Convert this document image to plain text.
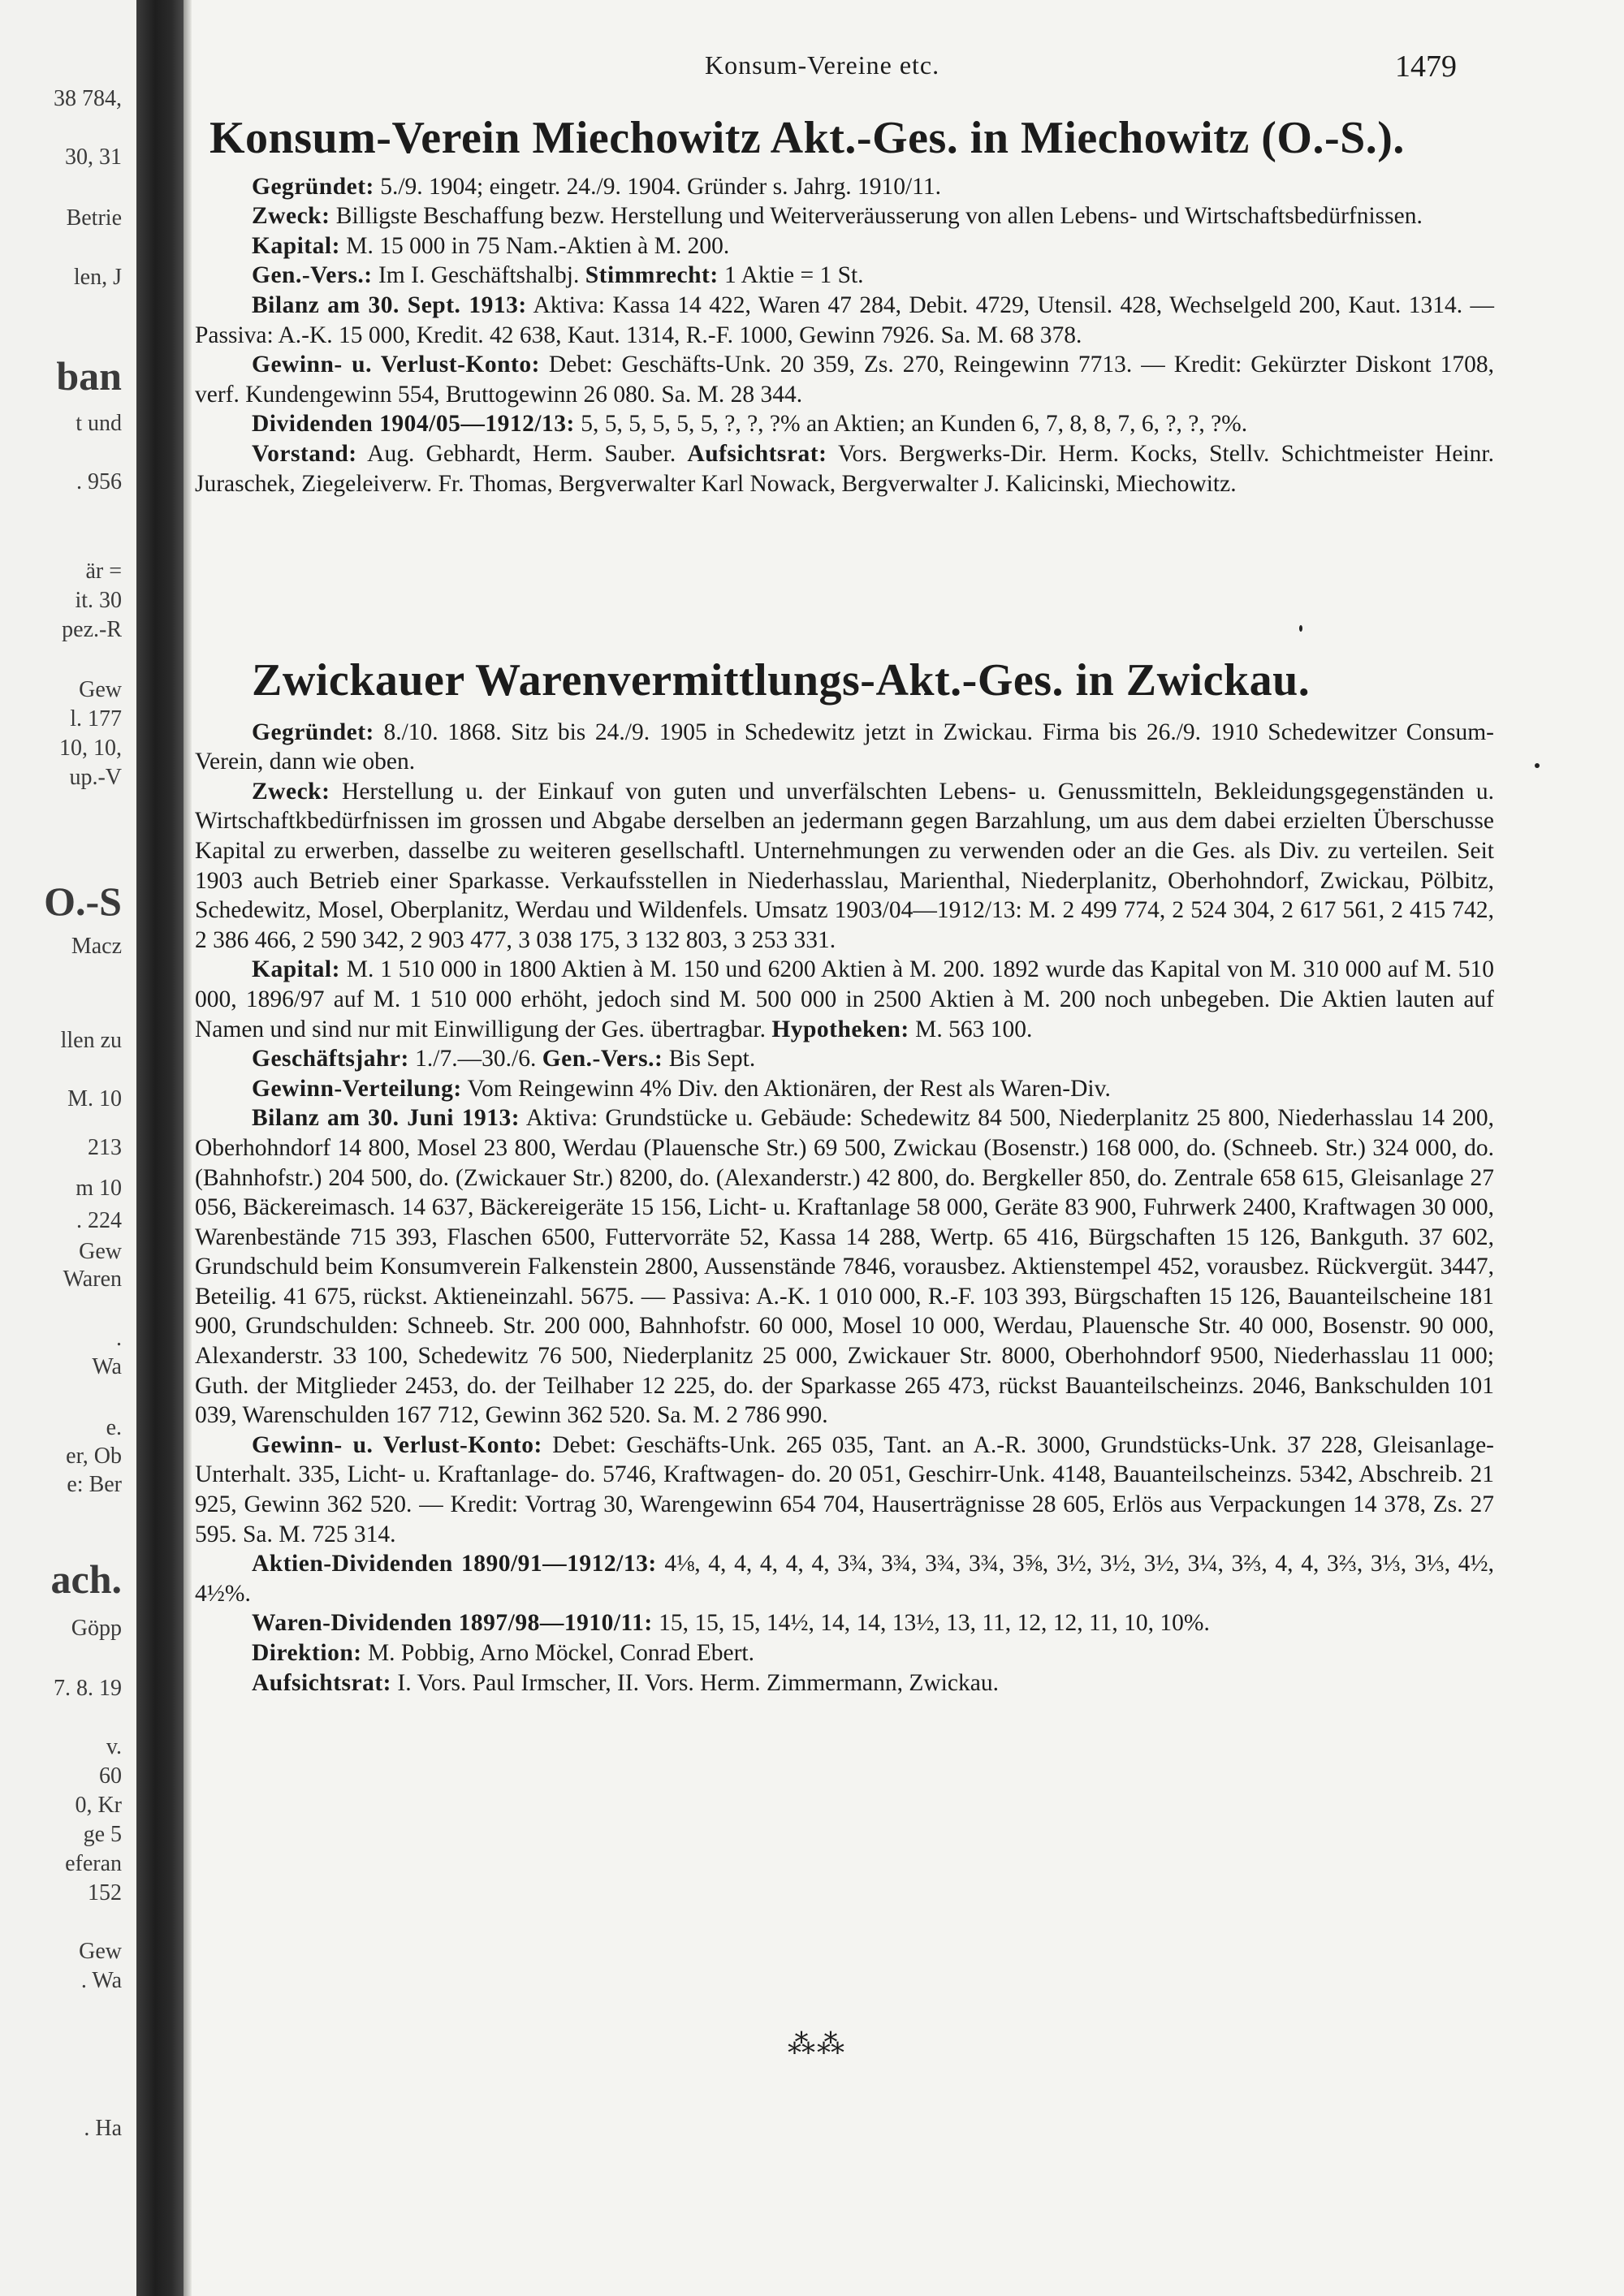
38 784,
30, 31
Betrie
len, J
ban
t und
. 956
är =
it. 30
pez.-R
Gew
l. 177
10, 10,
up.-V
O.-S
Macz
llen zu
M. 10
213
m 10
. 224
Gew
Waren
.
Wa
e.
er, Ob
e: Ber
ach.
Göpp
7. 8. 19
v.
60
0, Kr
ge 5
eferan
152
Gew
. Wa
. Ha
Konsum-Vereine etc.	1479
Konsum-Verein Miechowitz Akt.-Ges. in Miechowitz (O.-S.).

Gegründet: 5./9. 1904; eingetr. 24./9. 1904. Gründer s. Jahrg. 1910/11.

Zweck: Billigste Beschaffung bezw. Herstellung und Weiterveräusserung von allen Lebens- und Wirtschaftsbedürfnissen.

Kapital: M. 15 000 in 75 Nam.-Aktien à M. 200.

Gen.-Vers.: Im I. Geschäftshalbj. Stimmrecht: 1 Aktie = 1 St.

Bilanz am 30. Sept. 1913: Aktiva: Kassa 14 422, Waren 47 284, Debit. 4729, Utensil. 428, Wechselgeld 200, Kaut. 1314. — Passiva: A.-K. 15 000, Kredit. 42 638, Kaut. 1314, R.-F. 1000, Gewinn 7926. Sa. M. 68 378.

Gewinn- u. Verlust-Konto: Debet: Geschäfts-Unk. 20 359, Zs. 270, Reingewinn 7713. — Kredit: Gekürzter Diskont 1708, verf. Kundengewinn 554, Bruttogewinn 26 080. Sa. M. 28 344.

Dividenden 1904/05—1912/13: 5, 5, 5, 5, 5, 5, ?, ?, ?% an Aktien; an Kunden 6, 7, 8, 8, 7, 6, ?, ?, ?%.

Vorstand: Aug. Gebhardt, Herm. Sauber. Aufsichtsrat: Vors. Bergwerks-Dir. Herm. Kocks, Stellv. Schichtmeister Heinr. Juraschek, Ziegeleiverw. Fr. Thomas, Bergverwalter Karl Nowack, Bergverwalter J. Kalicinski, Miechowitz.

Zwickauer Warenvermittlungs-Akt.-Ges. in Zwickau.

Gegründet: 8./10. 1868. Sitz bis 24./9. 1905 in Schedewitz jetzt in Zwickau. Firma bis 26./9. 1910 Schedewitzer Consum-Verein, dann wie oben.

Zweck: Herstellung u. der Einkauf von guten und unverfälschten Lebens- u. Genussmitteln, Bekleidungsgegenständen u. Wirtschaftkbedürfnissen im grossen und Abgabe derselben an jedermann gegen Barzahlung, um aus dem dabei erzielten Überschusse Kapital zu erwerben, dasselbe zu weiteren gesellschaftl. Unternehmungen zu verwenden oder an die Ges. als Div. zu verteilen. Seit 1903 auch Betrieb einer Sparkasse. Verkaufsstellen in Niederhasslau, Marienthal, Niederplanitz, Oberhohndorf, Zwickau, Pölbitz, Schedewitz, Mosel, Oberplanitz, Werdau und Wildenfels. Umsatz 1903/04—1912/13: M. 2 499 774, 2 524 304, 2 617 561, 2 415 742, 2 386 466, 2 590 342, 2 903 477, 3 038 175, 3 132 803, 3 253 331.

Kapital: M. 1 510 000 in 1800 Aktien à M. 150 und 6200 Aktien à M. 200. 1892 wurde das Kapital von M. 310 000 auf M. 510 000, 1896/97 auf M. 1 510 000 erhöht, jedoch sind M. 500 000 in 2500 Aktien à M. 200 noch unbegeben. Die Aktien lauten auf Namen und sind nur mit Einwilligung der Ges. übertragbar. Hypotheken: M. 563 100.

Geschäftsjahr: 1./7.—30./6. Gen.-Vers.: Bis Sept.

Gewinn-Verteilung: Vom Reingewinn 4% Div. den Aktionären, der Rest als Waren-Div.

Bilanz am 30. Juni 1913: Aktiva: Grundstücke u. Gebäude: Schedewitz 84 500, Niederplanitz 25 800, Niederhasslau 14 200, Oberhohndorf 14 800, Mosel 23 800, Werdau (Plauensche Str.) 69 500, Zwickau (Bosenstr.) 168 000, do. (Schneeb. Str.) 324 000, do. (Bahnhofstr.) 204 500, do. (Zwickauer Str.) 8200, do. (Alexanderstr.) 42 800, do. Bergkeller 850, do. Zentrale 658 615, Gleisanlage 27 056, Bäckereimasch. 14 637, Bäckereigeräte 15 156, Licht- u. Kraftanlage 58 000, Geräte 83 900, Fuhrwerk 2400, Kraftwagen 30 000, Warenbestände 715 393, Flaschen 6500, Futtervorräte 52, Kassa 14 288, Wertp. 65 416, Bürgschaften 15 126, Bankguth. 37 602, Grundschuld beim Konsumverein Falkenstein 2800, Aussenstände 7846, vorausbez. Aktienstempel 452, vorausbez. Rückvergüt. 3447, Beteilig. 41 675, rückst. Aktieneinzahl. 5675. — Passiva: A.-K. 1 010 000, R.-F. 103 393, Bürgschaften 15 126, Bauanteilscheine 181 900, Grundschulden: Schneeb. Str. 200 000, Bahnhofstr. 60 000, Mosel 10 000, Werdau, Plauensche Str. 40 000, Bosenstr. 90 000, Alexanderstr. 33 100, Schedewitz 76 500, Niederplanitz 25 000, Zwickauer Str. 8000, Oberhohndorf 9500, Niederhasslau 11 000; Guth. der Mitglieder 2453, do. der Teilhaber 12 225, do. der Sparkasse 265 473, rückst Bauanteilscheinzs. 2046, Bankschulden 101 039, Warenschulden 167 712, Gewinn 362 520. Sa. M. 2 786 990.

Gewinn- u. Verlust-Konto: Debet: Geschäfts-Unk. 265 035, Tant. an A.-R. 3000, Grundstücks-Unk. 37 228, Gleisanlage-Unterhalt. 335, Licht- u. Kraftanlage- do. 5746, Kraftwagen- do. 20 051, Geschirr-Unk. 4148, Bauanteilscheinzs. 5342, Abschreib. 21 925, Gewinn 362 520. — Kredit: Vortrag 30, Warengewinn 654 704, Hauserträgnisse 28 605, Erlös aus Verpackungen 14 378, Zs. 27 595. Sa. M. 725 314.

Aktien-Dividenden 1890/91—1912/13: 4⅛, 4, 4, 4, 4, 4, 3¾, 3¾, 3¾, 3¾, 3⅝, 3½, 3½, 3½, 3¼, 3⅔, 4, 4, 3⅔, 3⅓, 3⅓, 4½, 4½%.

Waren-Dividenden 1897/98—1910/11: 15, 15, 15, 14½, 14, 14, 13½, 13, 11, 12, 12, 11, 10, 10%.

Direktion: M. Pobbig, Arno Möckel, Conrad Ebert.

Aufsichtsrat: I. Vors. Paul Irmscher, II. Vors. Herm. Zimmermann, Zwickau.

⁂⁂
